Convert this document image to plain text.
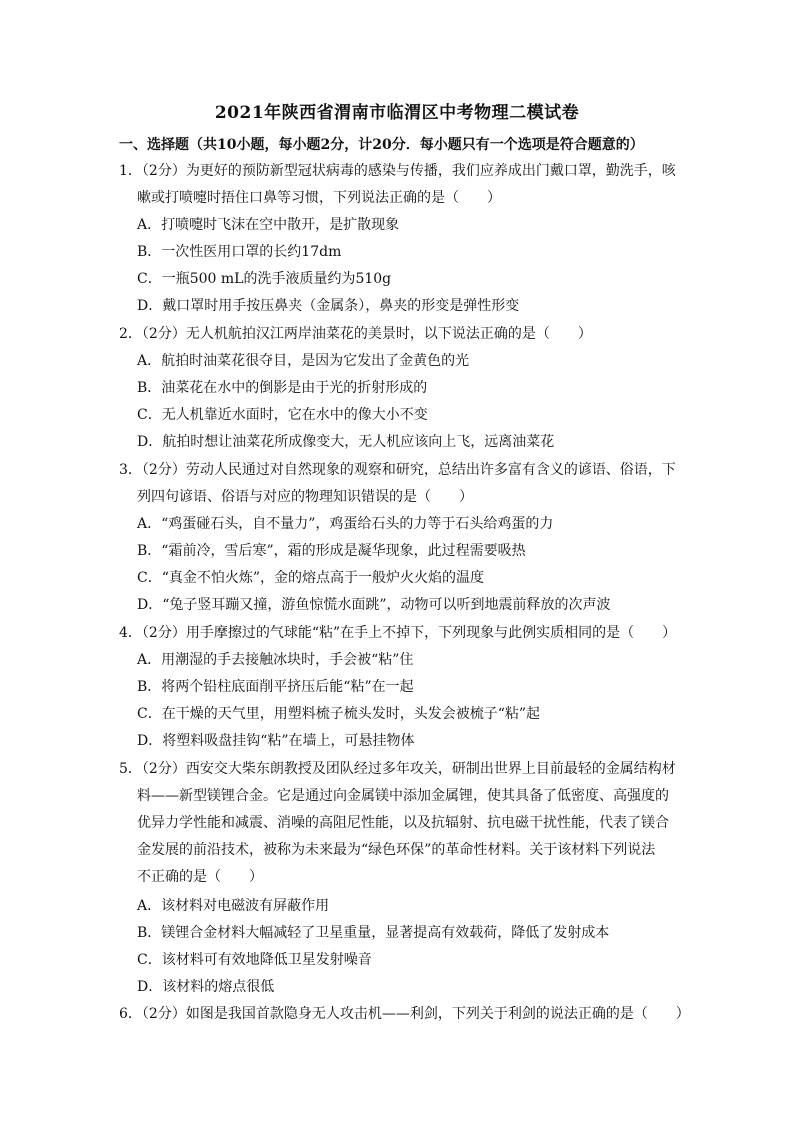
2021年陕西省渭南市临渭区中考物理二模试卷
一、选择题（共10小题，每小题2分，计20分．每小题只有一个选项是符合题意的）
1．（2分）为更好的预防新型冠状病毒的感染与传播，我们应养成出门戴口罩，勤洗手，咳
嗽或打喷嚏时捂住口鼻等习惯，下列说法正确的是（　　）
A．打喷嚏时飞沫在空中散开，是扩散现象
B．一次性医用口罩的长约17dm
C．一瓶500 mL的洗手液质量约为510g
D．戴口罩时用手按压鼻夹（金属条），鼻夹的形变是弹性形变
2．（2分）无人机航拍汉江两岸油菜花的美景时，以下说法正确的是（　　）
A．航拍时油菜花很夺目，是因为它发出了金黄色的光
B．油菜花在水中的倒影是由于光的折射形成的
C．无人机靠近水面时，它在水中的像大小不变
D．航拍时想让油菜花所成像变大，无人机应该向上飞，远离油菜花
3．（2分）劳动人民通过对自然现象的观察和研究，总结出许多富有含义的谚语、俗语，下
列四句谚语、俗语与对应的物理知识错误的是（　　）
A．“鸡蛋碰石头，自不量力”，鸡蛋给石头的力等于石头给鸡蛋的力
B．“霜前冷，雪后寒”，霜的形成是凝华现象，此过程需要吸热
C．“真金不怕火炼”，金的熔点高于一般炉火火焰的温度
D．“兔子竖耳蹦又撞，游鱼惊慌水面跳”，动物可以听到地震前释放的次声波
4．（2分）用手摩擦过的气球能“粘”在手上不掉下，下列现象与此例实质相同的是（　　）
A．用潮湿的手去接触冰块时，手会被“粘”住
B．将两个铅柱底面削平挤压后能“粘”在一起
C．在干燥的天气里，用塑料梳子梳头发时，头发会被梳子“粘”起
D．将塑料吸盘挂钩“粘”在墙上，可悬挂物体
5．（2分）西安交大柴东朗教授及团队经过多年攻关，研制出世界上目前最轻的金属结构材
料——新型镁锂合金。它是通过向金属镁中添加金属锂，使其具备了低密度、高强度的
优异力学性能和减震、消噪的高阻尼性能，以及抗辐射、抗电磁干扰性能，代表了镁合
金发展的前沿技术，被称为未来最为“绿色环保”的革命性材料。关于该材料下列说法
不正确的是（　　）
A．该材料对电磁波有屏蔽作用
B．镁锂合金材料大幅减轻了卫星重量，显著提高有效载荷，降低了发射成本
C．该材料可有效地降低卫星发射噪音
D．该材料的熔点很低
6．（2分）如图是我国首款隐身无人攻击机——利剑，下列关于利剑的说法正确的是（　　）
